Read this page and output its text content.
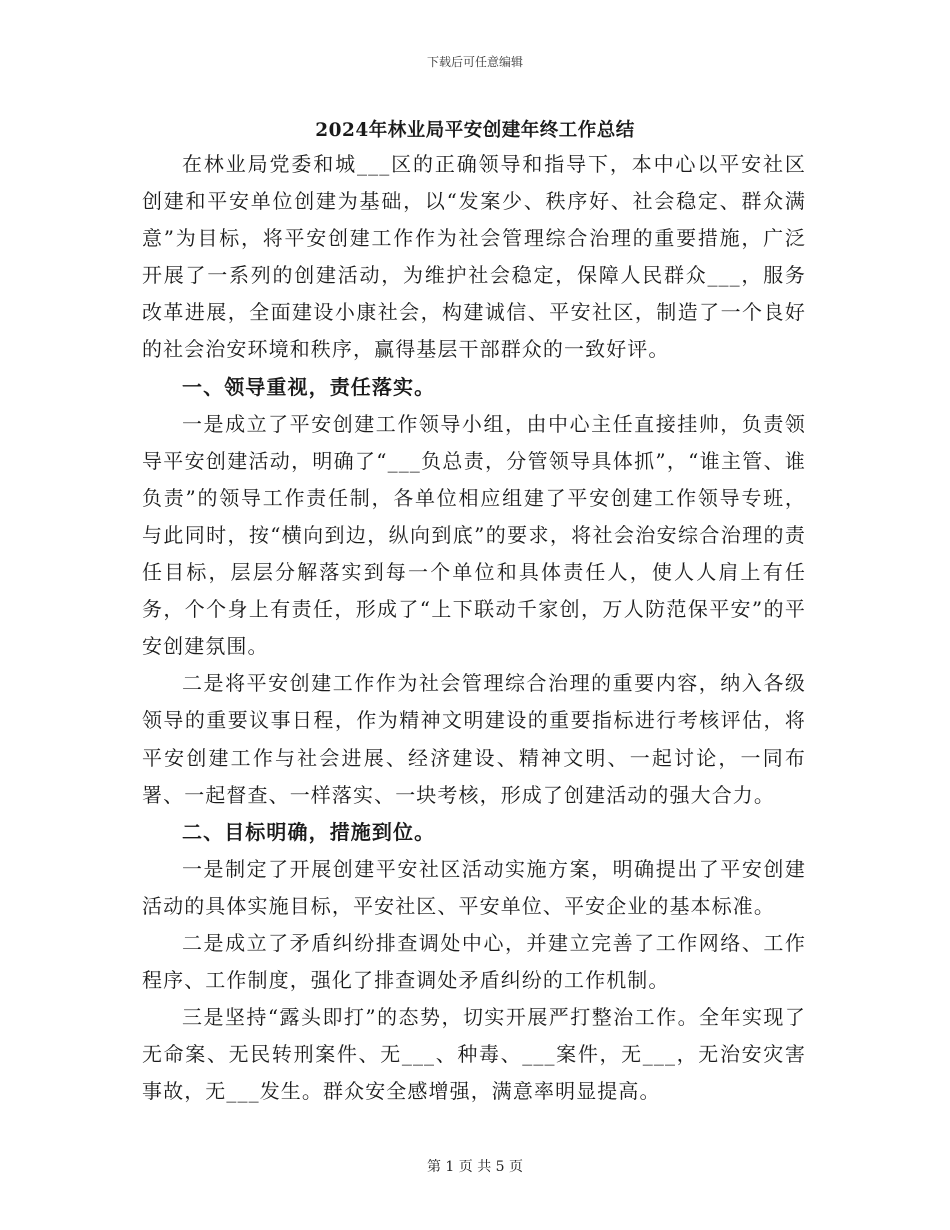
下载后可任意编辑
2024年林业局平安创建年终工作总结

在林业局党委和城___区的正确领导和指导下，本中心以平安社区创建和平安单位创建为基础，以“发案少、秩序好、社会稳定、群众满意”为目标，将平安创建工作作为社会管理综合治理的重要措施，广泛开展了一系列的创建活动，为维护社会稳定，保障人民群众___，服务改革进展，全面建设小康社会，构建诚信、平安社区，制造了一个良好的社会治安环境和秩序，赢得基层干部群众的一致好评。

一、领导重视，责任落实。

一是成立了平安创建工作领导小组，由中心主任直接挂帅，负责领导平安创建活动，明确了“___负总责，分管领导具体抓”，“谁主管、谁负责”的领导工作责任制，各单位相应组建了平安创建工作领导专班，与此同时，按“横向到边，纵向到底”的要求，将社会治安综合治理的责任目标，层层分解落实到每一个单位和具体责任人，使人人肩上有任务，个个身上有责任，形成了“上下联动千家创，万人防范保平安”的平安创建氛围。

二是将平安创建工作作为社会管理综合治理的重要内容，纳入各级领导的重要议事日程，作为精神文明建设的重要指标进行考核评估，将平安创建工作与社会进展、经济建设、精神文明、一起讨论，一同布署、一起督查、一样落实、一块考核，形成了创建活动的强大合力。

二、目标明确，措施到位。

一是制定了开展创建平安社区活动实施方案，明确提出了平安创建活动的具体实施目标，平安社区、平安单位、平安企业的基本标准。

二是成立了矛盾纠纷排查调处中心，并建立完善了工作网络、工作程序、工作制度，强化了排查调处矛盾纠纷的工作机制。

三是坚持“露头即打”的态势，切实开展严打整治工作。全年实现了无命案、无民转刑案件、无___、种毒、___案件，无___，无治安灾害事故，无___发生。群众安全感增强，满意率明显提高。

第 1 页 共 5 页
